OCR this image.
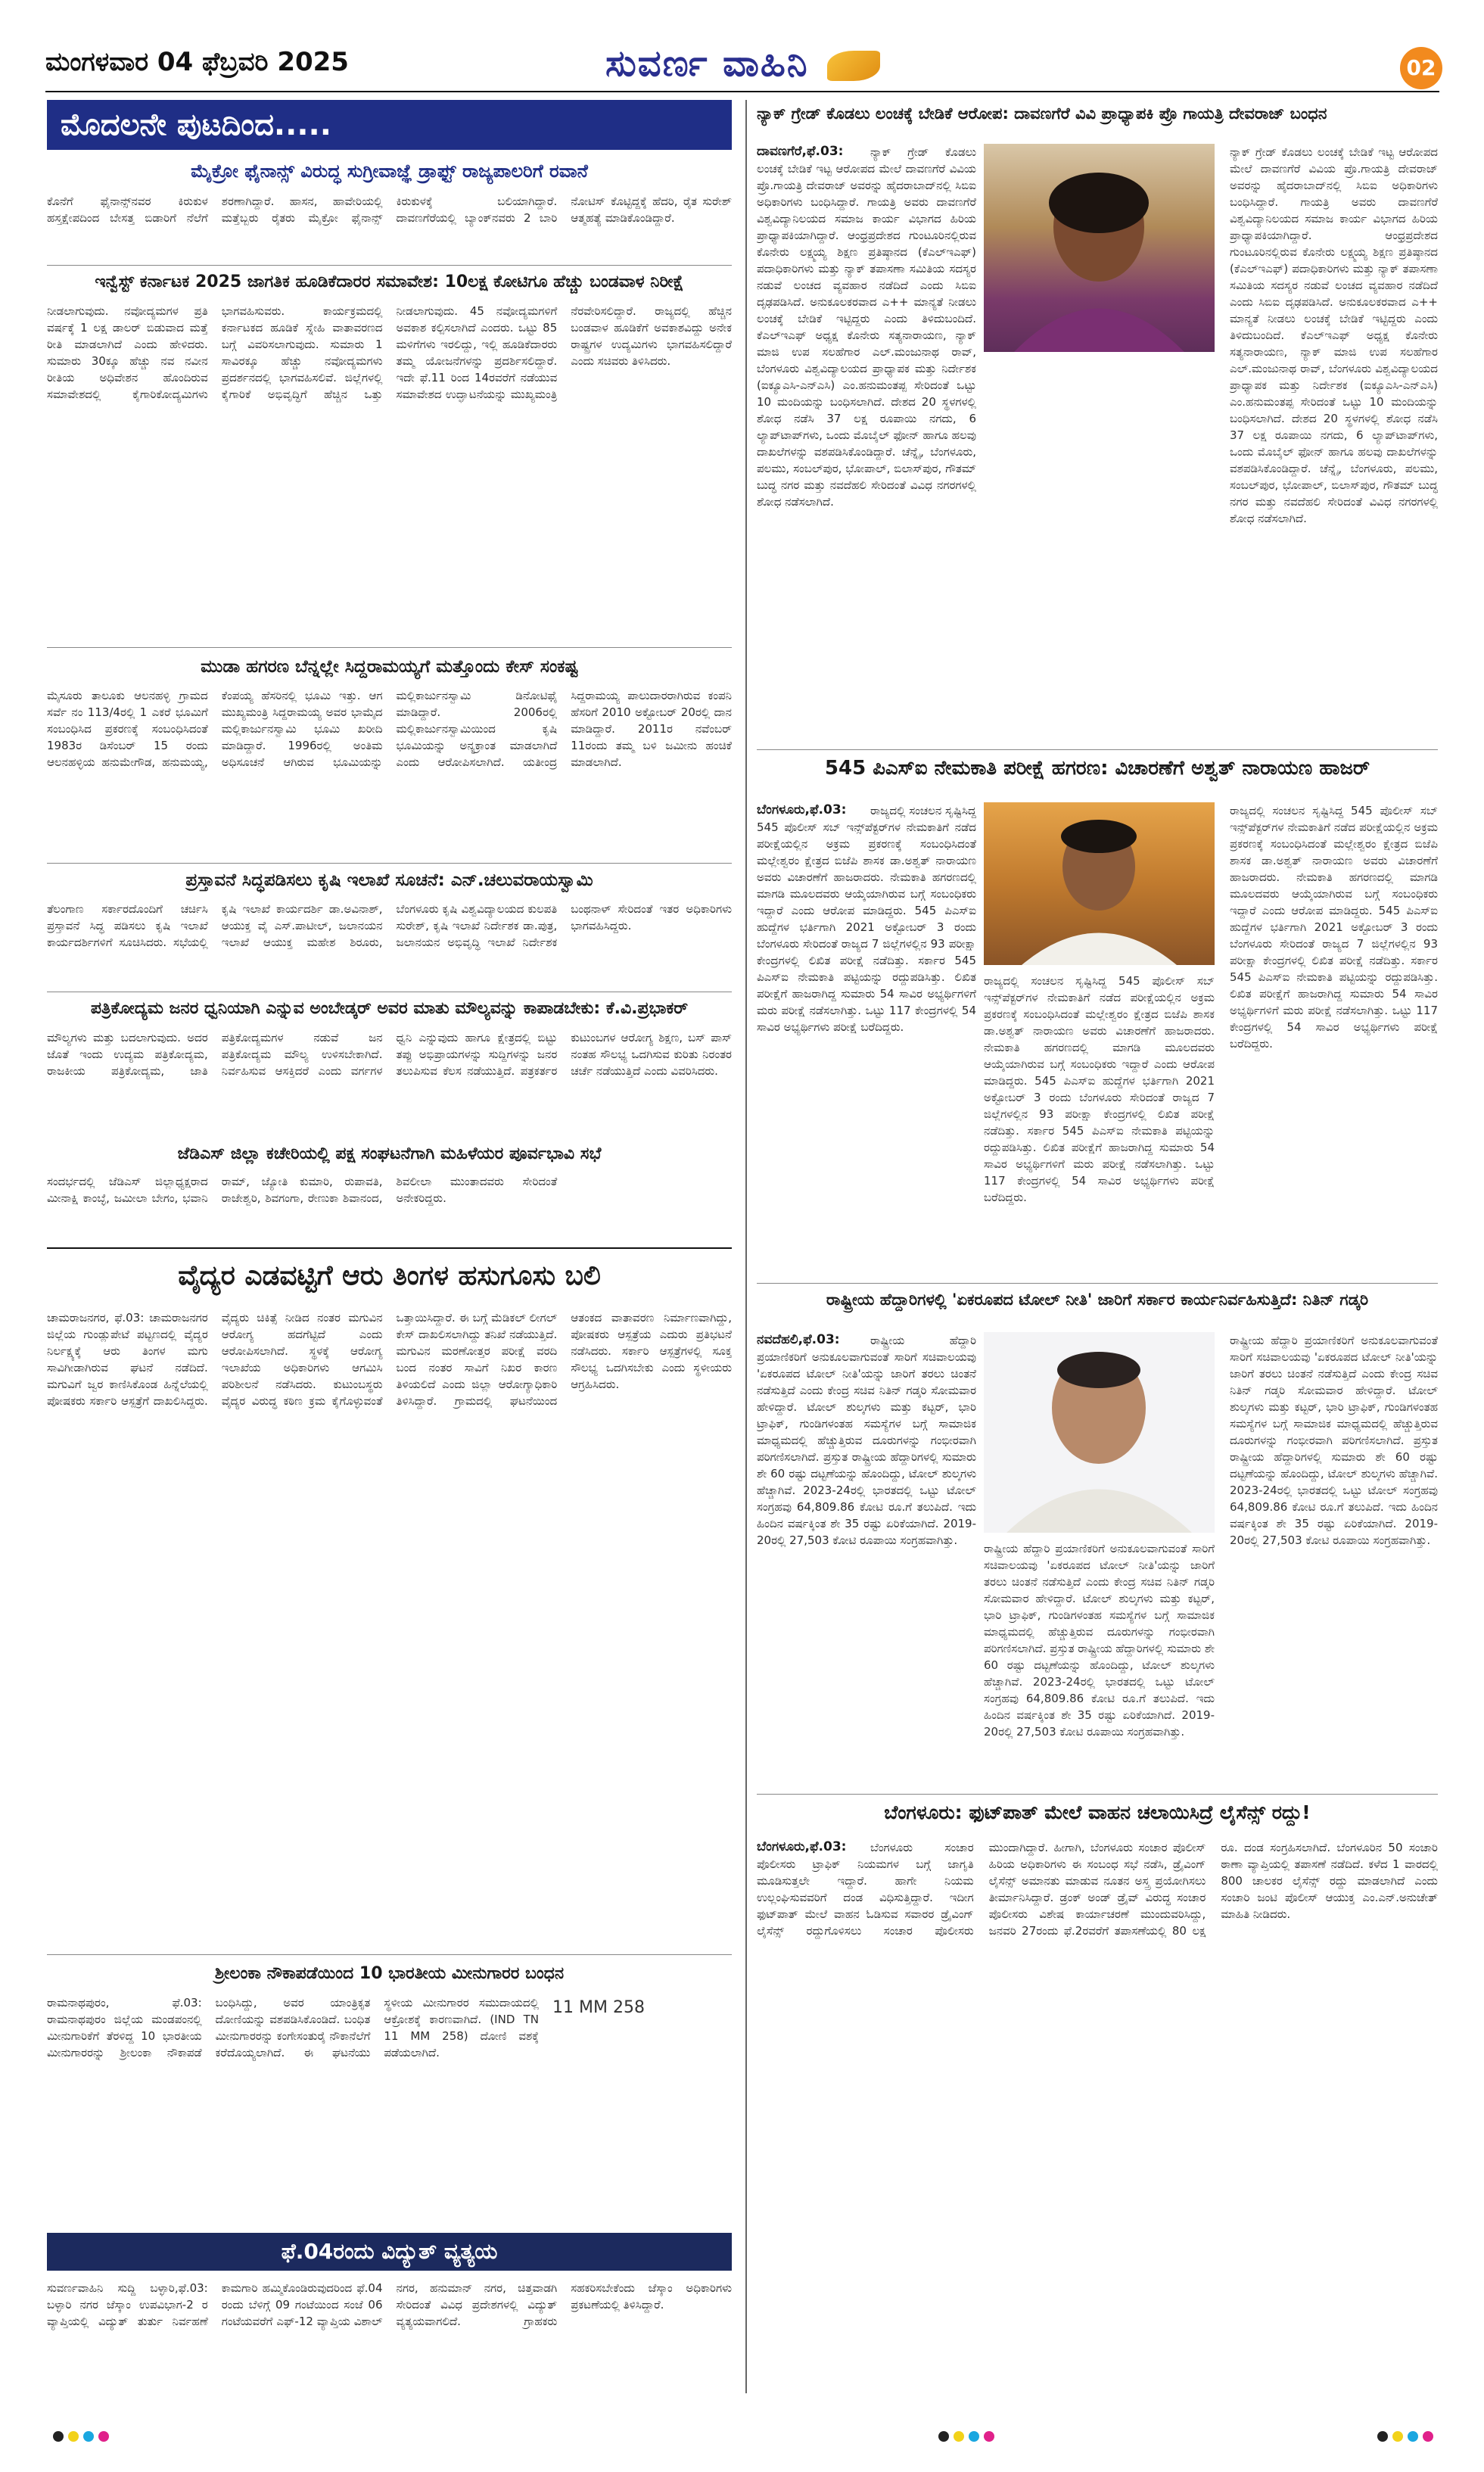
ಮಂಗಳವಾರ 04 ಫೆಬ್ರವರಿ 2025	ಸುವರ್ಣ ವಾಹಿನಿ	02
ಮೊದಲನೇ ಪುಟದಿಂದ.....
ಮೈಕ್ರೋ ಫೈನಾನ್ಸ್ ವಿರುದ್ಧ ಸುಗ್ರೀವಾಜ್ಞೆ ಡ್ರಾಫ್ಟ್ ರಾಜ್ಯಪಾಲರಿಗೆ ರವಾನೆ
ಕೊನೆಗೆ ಫೈನಾನ್ಸ್‌ನವರ ಕಿರುಕುಳ ಹಸ್ತಕ್ಷೇಪದಿಂದ ಬೇಸತ್ತ ಬಿಡಾರಿಗೆ ನೆಲೆಗೆ ಶರಣಾಗಿದ್ದಾರೆ. ಹಾಸನ, ಹಾವೇರಿಯಲ್ಲಿ ಮತ್ತೆಬ್ಬರು ರೈತರು ಮೈಕ್ರೋ ಫೈನಾನ್ಸ್ ಕಿರುಕುಳಕ್ಕೆ ಬಲಿಯಾಗಿದ್ದಾರೆ. ದಾವಣಗೆರೆಯಲ್ಲಿ ಬ್ಯಾಂಕ್‌ನವರು 2 ಬಾರಿ ನೋಟಿಸ್ ಕೊಟ್ಟಿದ್ದಕ್ಕೆ ಹೆದರಿ, ರೈತ ಸುರೇಶ್ ಆತ್ಮಹತ್ಯೆ ಮಾಡಿಕೊಂಡಿದ್ದಾರೆ.
ಇನ್ವೆಸ್ಟ್ ಕರ್ನಾಟಕ 2025 ಜಾಗತಿಕ ಹೂಡಿಕೆದಾರರ ಸಮಾವೇಶ: 10ಲಕ್ಷ ಕೋಟಿಗೂ ಹೆಚ್ಚು ಬಂಡವಾಳ ನಿರೀಕ್ಷೆ
ನೀಡಲಾಗುವುದು. ನವೋದ್ಯಮಗಳ ಪ್ರತಿ ವರ್ಷಕ್ಕೆ 1 ಲಕ್ಷ ಡಾಲರ್ ಬಿಡುವಾದ ಮತ್ತೆ ರೀತಿ ಮಾಡಲಾಗಿದೆ ಎಂದು ಹೇಳಿದರು. ಸುಮಾರು 30ಕ್ಕೂ ಹೆಚ್ಚು ನವ ನವೀನ ರೀತಿಯ ಅಧಿವೇಶನ ಹೊಂದಿರುವ ಸಮಾವೇಶದಲ್ಲಿ ಕೈಗಾರಿಕೋದ್ಯಮಿಗಳು ಭಾಗವಹಿಸುವರು. ಕಾರ್ಯಕ್ರಮದಲ್ಲಿ ಕರ್ನಾಟಕದ ಹೂಡಿಕೆ ಸ್ನೇಹಿ ವಾತಾವರಣದ ಬಗ್ಗೆ ವಿವರಿಸಲಾಗುವುದು. ಸುಮಾರು 1 ಸಾವಿರಕ್ಕೂ ಹೆಚ್ಚು ನವೋದ್ಯಮಗಳು ಪ್ರದರ್ಶನದಲ್ಲಿ ಭಾಗವಹಿಸಲಿವೆ. ಜಿಲ್ಲೆಗಳಲ್ಲಿ ಕೈಗಾರಿಕೆ ಅಭಿವೃದ್ಧಿಗೆ ಹೆಚ್ಚಿನ ಒತ್ತು ನೀಡಲಾಗುವುದು. 45 ನವೋದ್ಯಮಗಳಿಗೆ ಅವಕಾಶ ಕಲ್ಪಿಸಲಾಗಿದೆ ಎಂದರು. ಒಟ್ಟು 85 ಮಳಿಗೆಗಳು ಇರಲಿದ್ದು, ಇಲ್ಲಿ ಹೂಡಿಕೆದಾರರು ತಮ್ಮ ಯೋಜನೆಗಳನ್ನು ಪ್ರದರ್ಶಿಸಲಿದ್ದಾರೆ. ಇದೇ ಫೆ.11 ರಿಂದ 14ರವರೆಗೆ ನಡೆಯುವ ಸಮಾವೇಶದ ಉದ್ಘಾಟನೆಯನ್ನು ಮುಖ್ಯಮಂತ್ರಿ ನೆರವೇರಿಸಲಿದ್ದಾರೆ. ರಾಜ್ಯದಲ್ಲಿ ಹೆಚ್ಚಿನ ಬಂಡವಾಳ ಹೂಡಿಕೆಗೆ ಅವಕಾಶವಿದ್ದು ಅನೇಕ ರಾಷ್ಟ್ರಗಳ ಉದ್ಯಮಿಗಳು ಭಾಗವಹಿಸಲಿದ್ದಾರೆ ಎಂದು ಸಚಿವರು ತಿಳಿಸಿದರು.
ಮುಡಾ ಹಗರಣ ಬೆನ್ನಲ್ಲೇ ಸಿದ್ದರಾಮಯ್ಯಗೆ ಮತ್ತೊಂದು ಕೇಸ್ ಸಂಕಷ್ಟ
ಮೈಸೂರು ತಾಲೂಕು ಆಲನಹಳ್ಳಿ ಗ್ರಾಮದ ಸರ್ವೆ ನಂ 113/4ರಲ್ಲಿ 1 ಎಕರೆ ಭೂಮಿಗೆ ಸಂಬಂಧಿಸಿದ ಪ್ರಕರಣಕ್ಕೆ ಸಂಬಂಧಿಸಿದಂತೆ 1983ರ ಡಿಸೆಂಬರ್ 15 ರಂದು ಆಲನಹಳ್ಳಿಯ ಹನುಮೇಗೌಡ, ಹನುಮಯ್ಯ, ಕೆಂಪಯ್ಯ ಹೆಸರಿನಲ್ಲಿ ಭೂಮಿ ಇತ್ತು. ಆಗ ಮುಖ್ಯಮಂತ್ರಿ ಸಿದ್ದರಾಮಯ್ಯ ಅವರ ಭಾಮೈದ ಮಲ್ಲಿಕಾರ್ಜುನಸ್ವಾಮಿ ಭೂಮಿ ಖರೀದಿ ಮಾಡಿದ್ದಾರೆ. 1996ರಲ್ಲಿ ಅಂತಿಮ ಅಧಿಸೂಚನೆ ಆಗಿರುವ ಭೂಮಿಯನ್ನು ಮಲ್ಲಿಕಾರ್ಜುನಸ್ವಾಮಿ ಡಿನೋಟಿಫೈ ಮಾಡಿದ್ದಾರೆ. 2006ರಲ್ಲಿ ಮಲ್ಲಿಕಾರ್ಜುನಸ್ವಾಮಿಯಿಂದ ಕೃಷಿ ಭೂಮಿಯನ್ನು ಅನ್ಯಕ್ರಾಂತ ಮಾಡಲಾಗಿದೆ ಎಂದು ಆರೋಪಿಸಲಾಗಿದೆ. ಯತೀಂದ್ರ ಸಿದ್ದರಾಮಯ್ಯ ಪಾಲುದಾರರಾಗಿರುವ ಕಂಪನಿ ಹೆಸರಿಗೆ 2010 ಅಕ್ಟೋಬರ್ 20ರಲ್ಲಿ ದಾನ ಮಾಡಿದ್ದಾರೆ. 2011ರ ನವೆಂಬರ್ 11ರಂದು ತಮ್ಮ ಬಳಿ ಜಮೀನು ಹಂಚಿಕೆ ಮಾಡಲಾಗಿದೆ.
ಪ್ರಸ್ತಾವನೆ ಸಿದ್ಧಪಡಿಸಲು ಕೃಷಿ ಇಲಾಖೆ ಸೂಚನೆ: ಎನ್.ಚಲುವರಾಯಸ್ವಾಮಿ
ತೆಲಂಗಾಣ ಸರ್ಕಾರದೊಂದಿಗೆ ಚರ್ಚಿಸಿ ಪ್ರಸ್ತಾವನೆ ಸಿದ್ಧ ಪಡಿಸಲು ಕೃಷಿ ಇಲಾಖೆ ಕಾರ್ಯದರ್ಶಿಗಳಿಗೆ ಸೂಚಿಸಿದರು. ಸಭೆಯಲ್ಲಿ ಕೃಷಿ ಇಲಾಖೆ ಕಾರ್ಯದರ್ಶಿ ಡಾ.ಅವಿನಾಶ್, ಆಯುಕ್ತ ವೈ ಎಸ್.ಪಾಟೀಲ್, ಜಲಾನಯನ ಇಲಾಖೆ ಆಯುಕ್ತ ಮಹೇಶ ಶಿರೂರು, ಬೆಂಗಳೂರು ಕೃಷಿ ವಿಶ್ವವಿದ್ಯಾಲಯದ ಕುಲಪತಿ ಸುರೇಶ್, ಕೃಷಿ ಇಲಾಖೆ ನಿರ್ದೇಶಕ ಡಾ.ಪುತ್ರ, ಜಲಾನಯನ ಅಭಿವೃದ್ಧಿ ಇಲಾಖೆ ನಿರ್ದೇಶಕ ಬಂಥನಾಳ್ ಸೇರಿದಂತೆ ಇತರ ಅಧಿಕಾರಿಗಳು ಭಾಗವಹಿಸಿದ್ದರು.
ಪತ್ರಿಕೋದ್ಯಮ ಜನರ ಧ್ವನಿಯಾಗಿ ಎನ್ನುವ ಅಂಬೇಡ್ಕರ್ ಅವರ ಮಾತು ಮೌಲ್ಯವನ್ನು ಕಾಪಾಡಬೇಕು: ಕೆ.ವಿ.ಪ್ರಭಾಕರ್
ಮೌಲ್ಯಗಳು ಮತ್ತು ಬದಲಾಗುವುದು. ಅದರ ಜೊತೆ ಇಂದು ಉದ್ಯಮ ಪತ್ರಿಕೋದ್ಯಮ, ರಾಜಕೀಯ ಪತ್ರಿಕೋದ್ಯಮ, ಜಾತಿ ಪತ್ರಿಕೋದ್ಯಮಗಳ ನಡುವೆ ಜನ ಪತ್ರಿಕೋದ್ಯಮ ಮೌಲ್ಯ ಉಳಿಸಬೇಕಾಗಿದೆ. ನಿರ್ವಹಿಸುವ ಆಸಕ್ತಿದರೆ ಎಂದು ವರ್ಗಗಳ ಧ್ವನಿ ಎನ್ನುವುದು ಹಾಗೂ ಕ್ಷೇತ್ರದಲ್ಲಿ ಬಿಟ್ಟು ತಪ್ಪು ಅಭಿಪ್ರಾಯಗಳನ್ನು ಸುದ್ದಿಗಳನ್ನು ಜನರ ತಲುಪಿಸುವ ಕೆಲಸ ನಡೆಯುತ್ತಿದೆ. ಪತ್ರಕರ್ತರ ಕುಟುಂಬಗಳ ಆರೋಗ್ಯ ಶಿಕ್ಷಣ, ಬಸ್ ಪಾಸ್ ನಂತಹ ಸೌಲಭ್ಯ ಒದಗಿಸುವ ಕುರಿತು ನಿರಂತರ ಚರ್ಚೆ ನಡೆಯುತ್ತಿದೆ ಎಂದು ವಿವರಿಸಿದರು.
ಜೆಡಿಎಸ್ ಜಿಲ್ಲಾ ಕಚೇರಿಯಲ್ಲಿ ಪಕ್ಷ ಸಂಘಟನೆಗಾಗಿ ಮಹಿಳೆಯರ ಪೂರ್ವಭಾವಿ ಸಭೆ
ಸಂದರ್ಭದಲ್ಲಿ ಜೆಡಿಎಸ್ ಜಿಲ್ಲಾಧ್ಯಕ್ಷರಾದ ಮೀನಾಕ್ಷಿ ಕಾಂಬ್ಳೆ, ಜಮೀಲಾ ಬೇಗಂ, ಭವಾನಿ ರಾಮ್, ಜ್ಯೋತಿ ಕುಮಾರಿ, ರುಪಾವತಿ, ರಾಜೇಶ್ವರಿ, ಶಿವಗಂಗಾ, ರೇಣುಕಾ ಶಿವಾನಂದ, ಶಿವಲೀಲಾ ಮುಂತಾದವರು ಸೇರಿದಂತೆ ಅನೇಕರಿದ್ದರು.
ವೈದ್ಯರ ಎಡವಟ್ಟಿಗೆ ಆರು ತಿಂಗಳ ಹಸುಗೂಸು ಬಲಿ
ಚಾಮರಾಜನಗರ, ಫೆ.03: ಚಾಮರಾಜನಗರ ಜಿಲ್ಲೆಯ ಗುಂಡ್ಲುಪೇಟೆ ಪಟ್ಟಣದಲ್ಲಿ ವೈದ್ಯರ ನಿರ್ಲಕ್ಷ್ಯಕ್ಕೆ ಆರು ತಿಂಗಳ ಮಗು ಸಾವಿಗೀಡಾಗಿರುವ ಘಟನೆ ನಡೆದಿದೆ. ಮಗುವಿಗೆ ಜ್ವರ ಕಾಣಿಸಿಕೊಂಡ ಹಿನ್ನೆಲೆಯಲ್ಲಿ ಪೋಷಕರು ಸರ್ಕಾರಿ ಆಸ್ಪತ್ರೆಗೆ ದಾಖಲಿಸಿದ್ದರು. ವೈದ್ಯರು ಚಿಕಿತ್ಸೆ ನೀಡಿದ ನಂತರ ಮಗುವಿನ ಆರೋಗ್ಯ ಹದಗೆಟ್ಟಿದೆ ಎಂದು ಆರೋಪಿಸಲಾಗಿದೆ. ಸ್ಥಳಕ್ಕೆ ಆರೋಗ್ಯ ಇಲಾಖೆಯ ಅಧಿಕಾರಿಗಳು ಆಗಮಿಸಿ ಪರಿಶೀಲನೆ ನಡೆಸಿದರು. ಕುಟುಂಬಸ್ಥರು ವೈದ್ಯರ ವಿರುದ್ಧ ಕಠಿಣ ಕ್ರಮ ಕೈಗೊಳ್ಳುವಂತೆ ಒತ್ತಾಯಿಸಿದ್ದಾರೆ. ಈ ಬಗ್ಗೆ ಮೆಡಿಕಲ್ ಲೀಗಲ್ ಕೇಸ್ ದಾಖಲಿಸಲಾಗಿದ್ದು ತನಿಖೆ ನಡೆಯುತ್ತಿದೆ. ಮಗುವಿನ ಮರಣೋತ್ತರ ಪರೀಕ್ಷೆ ವರದಿ ಬಂದ ನಂತರ ಸಾವಿಗೆ ನಿಖರ ಕಾರಣ ತಿಳಿಯಲಿದೆ ಎಂದು ಜಿಲ್ಲಾ ಆರೋಗ್ಯಾಧಿಕಾರಿ ತಿಳಿಸಿದ್ದಾರೆ. ಗ್ರಾಮದಲ್ಲಿ ಘಟನೆಯಿಂದ ಆತಂಕದ ವಾತಾವರಣ ನಿರ್ಮಾಣವಾಗಿದ್ದು, ಪೋಷಕರು ಆಸ್ಪತ್ರೆಯ ಎದುರು ಪ್ರತಿಭಟನೆ ನಡೆಸಿದರು. ಸರ್ಕಾರಿ ಆಸ್ಪತ್ರೆಗಳಲ್ಲಿ ಸೂಕ್ತ ಸೌಲಭ್ಯ ಒದಗಿಸಬೇಕು ಎಂದು ಸ್ಥಳೀಯರು ಆಗ್ರಹಿಸಿದರು.
ಶ್ರೀಲಂಕಾ ನೌಕಾಪಡೆಯಿಂದ 10 ಭಾರತೀಯ ಮೀನುಗಾರರ ಬಂಧನ
ರಾಮನಾಥಪುರಂ, ಫೆ.03: ರಾಮನಾಥಪುರಂ ಜಿಲ್ಲೆಯ ಮಂಡಪಂನಲ್ಲಿ ಮೀನುಗಾರಿಕೆಗೆ ತೆರಳಿದ್ದ 10 ಭಾರತೀಯ ಮೀನುಗಾರರನ್ನು ಶ್ರೀಲಂಕಾ ನೌಕಾಪಡೆ ಬಂಧಿಸಿದ್ದು, ಅವರ ಯಾಂತ್ರಿಕೃತ ದೋಣಿಯನ್ನು ವಶಪಡಿಸಿಕೊಂಡಿದೆ. ಬಂಧಿತ ಮೀನುಗಾರರನ್ನು ಕಂಗೇಸಂತುರೈ ನೌಕಾನೆಲೆಗೆ ಕರೆದೊಯ್ಯಲಾಗಿದೆ. ಈ ಘಟನೆಯು ಸ್ಥಳೀಯ ಮೀನುಗಾರರ ಸಮುದಾಯದಲ್ಲಿ ಆಕ್ರೋಶಕ್ಕೆ ಕಾರಣವಾಗಿದೆ. (IND TN 11 MM 258) ದೋಣಿ ವಶಕ್ಕೆ ಪಡೆಯಲಾಗಿದೆ.
11 MM 258
ಫೆ.04ರಂದು ವಿದ್ಯುತ್ ವ್ಯತ್ಯಯ
ಸುವರ್ಣವಾಹಿನಿ ಸುದ್ದಿ ಬಳ್ಳಾರಿ,ಫೆ.03: ಬಳ್ಳಾರಿ ನಗರ ಜೆಸ್ಕಾಂ ಉಪವಿಭಾಗ-2 ರ ವ್ಯಾಪ್ತಿಯಲ್ಲಿ ವಿದ್ಯುತ್ ತುರ್ತು ನಿರ್ವಹಣೆ ಕಾಮಗಾರಿ ಹಮ್ಮಿಕೊಂಡಿರುವುದರಿಂದ ಫೆ.04 ರಂದು ಬೆಳಿಗ್ಗೆ 09 ಗಂಟೆಯಿಂದ ಸಂಜೆ 06 ಗಂಟೆಯವರೆಗೆ ಎಫ್-12 ವ್ಯಾಪ್ತಿಯ ವಿಶಾಲ್ ನಗರ, ಹನುಮಾನ್ ನಗರ, ಚಿತ್ತವಾಡಗಿ ಸೇರಿದಂತೆ ವಿವಿಧ ಪ್ರದೇಶಗಳಲ್ಲಿ ವಿದ್ಯುತ್ ವ್ಯತ್ಯಯವಾಗಲಿದೆ. ಗ್ರಾಹಕರು ಸಹಕರಿಸಬೇಕೆಂದು ಜೆಸ್ಕಾಂ ಅಧಿಕಾರಿಗಳು ಪ್ರಕಟಣೆಯಲ್ಲಿ ತಿಳಿಸಿದ್ದಾರೆ.
ನ್ಯಾಕ್ ಗ್ರೇಡ್ ಕೊಡಲು ಲಂಚಕ್ಕೆ ಬೇಡಿಕೆ ಆರೋಪ: ದಾವಣಗೆರೆ ವಿವಿ ಪ್ರಾಧ್ಯಾಪಕಿ ಪ್ರೊ ಗಾಯತ್ರಿ ದೇವರಾಜ್ ಬಂಧನ
ದಾವಣಗೆರೆ,ಫೆ.03:	ನ್ಯಾಕ್ ಗ್ರೇಡ್ ಕೊಡಲು ಲಂಚಕ್ಕೆ ಬೇಡಿಕೆ ಇಟ್ಟ ಆರೋಪದ ಮೇಲೆ ದಾವಣಗೆರೆ ವಿವಿಯ ಪ್ರೊ.ಗಾಯತ್ರಿ ದೇವರಾಜ್ ಅವರನ್ನು ಹೈದರಾಬಾದ್‌ನಲ್ಲಿ ಸಿಬಿಐ ಅಧಿಕಾರಿಗಳು ಬಂಧಿಸಿದ್ದಾರೆ. ಗಾಯತ್ರಿ ಅವರು ದಾವಣಗೆರೆ ವಿಶ್ವವಿದ್ಯಾನಿಲಯದ ಸಮಾಜ ಕಾರ್ಯ ವಿಭಾಗದ ಹಿರಿಯ ಪ್ರಾಧ್ಯಾಪಕಿಯಾಗಿದ್ದಾರೆ. ಆಂಧ್ರಪ್ರದೇಶದ ಗುಂಟೂರಿನಲ್ಲಿರುವ ಕೊನೇರು ಲಕ್ಷ್ಮಯ್ಯ ಶಿಕ್ಷಣ ಪ್ರತಿಷ್ಠಾನದ (ಕೆಎಲ್‌ಇಎಫ್) ಪದಾಧಿಕಾರಿಗಳು ಮತ್ತು ನ್ಯಾಕ್ ತಪಾಸಣಾ ಸಮಿತಿಯ ಸದಸ್ಯರ ನಡುವೆ ಲಂಚದ ವ್ಯವಹಾರ ನಡೆದಿದೆ ಎಂದು ಸಿಬಿಐ ದೃಢಪಡಿಸಿದೆ. ಅನುಕೂಲಕರವಾದ ಎ++ ಮಾನ್ಯತೆ ನೀಡಲು ಲಂಚಕ್ಕೆ ಬೇಡಿಕೆ ಇಟ್ಟಿದ್ದರು ಎಂದು ತಿಳಿದುಬಂದಿದೆ. ಕೆಎಲ್‌ಇಎಫ್ ಅಧ್ಯಕ್ಷ ಕೊನೇರು ಸತ್ಯನಾರಾಯಣ, ನ್ಯಾಕ್ ಮಾಜಿ ಉಪ ಸಲಹೆಗಾರ ಎಲ್.ಮಂಜುನಾಥ ರಾವ್, ಬೆಂಗಳೂರು ವಿಶ್ವವಿದ್ಯಾಲಯದ ಪ್ರಾಧ್ಯಾಪಕ ಮತ್ತು ನಿರ್ದೇಶಕ (ಐಕ್ಯೂಎಸಿ-ಎನ್‌ಎಸಿ) ಎಂ.ಹನುಮಂತಪ್ಪ ಸೇರಿದಂತೆ ಒಟ್ಟು 10 ಮಂದಿಯನ್ನು ಬಂಧಿಸಲಾಗಿದೆ. ದೇಶದ 20 ಸ್ಥಳಗಳಲ್ಲಿ ಶೋಧ ನಡೆಸಿ 37 ಲಕ್ಷ ರೂಪಾಯಿ ನಗದು, 6 ಲ್ಯಾಪ್‌ಟಾಪ್‌ಗಳು, ಒಂದು ಮೊಬೈಲ್ ಫೋನ್ ಹಾಗೂ ಹಲವು ದಾಖಲೆಗಳನ್ನು ವಶಪಡಿಸಿಕೊಂಡಿದ್ದಾರೆ. ಚೆನ್ನೈ, ಬೆಂಗಳೂರು, ಪಲಮು, ಸಂಬಲ್‌ಪುರ, ಭೋಪಾಲ್, ಬಿಲಾಸ್‌ಪುರ, ಗೌತಮ್ ಬುದ್ಧ ನಗರ ಮತ್ತು ನವದೆಹಲಿ ಸೇರಿದಂತೆ ವಿವಿಧ ನಗರಗಳಲ್ಲಿ ಶೋಧ ನಡೆಸಲಾಗಿದೆ.
ನ್ಯಾಕ್ ಗ್ರೇಡ್ ಕೊಡಲು ಲಂಚಕ್ಕೆ ಬೇಡಿಕೆ ಇಟ್ಟ ಆರೋಪದ ಮೇಲೆ ದಾವಣಗೆರೆ ವಿವಿಯ ಪ್ರೊ.ಗಾಯತ್ರಿ ದೇವರಾಜ್ ಅವರನ್ನು ಹೈದರಾಬಾದ್‌ನಲ್ಲಿ ಸಿಬಿಐ ಅಧಿಕಾರಿಗಳು ಬಂಧಿಸಿದ್ದಾರೆ. ಗಾಯತ್ರಿ ಅವರು ದಾವಣಗೆರೆ ವಿಶ್ವವಿದ್ಯಾನಿಲಯದ ಸಮಾಜ ಕಾರ್ಯ ವಿಭಾಗದ ಹಿರಿಯ ಪ್ರಾಧ್ಯಾಪಕಿಯಾಗಿದ್ದಾರೆ. ಆಂಧ್ರಪ್ರದೇಶದ ಗುಂಟೂರಿನಲ್ಲಿರುವ ಕೊನೇರು ಲಕ್ಷ್ಮಯ್ಯ ಶಿಕ್ಷಣ ಪ್ರತಿಷ್ಠಾನದ (ಕೆಎಲ್‌ಇಎಫ್) ಪದಾಧಿಕಾರಿಗಳು ಮತ್ತು ನ್ಯಾಕ್ ತಪಾಸಣಾ ಸಮಿತಿಯ ಸದಸ್ಯರ ನಡುವೆ ಲಂಚದ ವ್ಯವಹಾರ ನಡೆದಿದೆ ಎಂದು ಸಿಬಿಐ ದೃಢಪಡಿಸಿದೆ. ಅನುಕೂಲಕರವಾದ ಎ++ ಮಾನ್ಯತೆ ನೀಡಲು ಲಂಚಕ್ಕೆ ಬೇಡಿಕೆ ಇಟ್ಟಿದ್ದರು ಎಂದು ತಿಳಿದುಬಂದಿದೆ. ಕೆಎಲ್‌ಇಎಫ್ ಅಧ್ಯಕ್ಷ ಕೊನೇರು ಸತ್ಯನಾರಾಯಣ, ನ್ಯಾಕ್ ಮಾಜಿ ಉಪ ಸಲಹೆಗಾರ ಎಲ್.ಮಂಜುನಾಥ ರಾವ್, ಬೆಂಗಳೂರು ವಿಶ್ವವಿದ್ಯಾಲಯದ ಪ್ರಾಧ್ಯಾಪಕ ಮತ್ತು ನಿರ್ದೇಶಕ (ಐಕ್ಯೂಎಸಿ-ಎನ್‌ಎಸಿ) ಎಂ.ಹನುಮಂತಪ್ಪ ಸೇರಿದಂತೆ ಒಟ್ಟು 10 ಮಂದಿಯನ್ನು ಬಂಧಿಸಲಾಗಿದೆ. ದೇಶದ 20 ಸ್ಥಳಗಳಲ್ಲಿ ಶೋಧ ನಡೆಸಿ 37 ಲಕ್ಷ ರೂಪಾಯಿ ನಗದು, 6 ಲ್ಯಾಪ್‌ಟಾಪ್‌ಗಳು, ಒಂದು ಮೊಬೈಲ್ ಫೋನ್ ಹಾಗೂ ಹಲವು ದಾಖಲೆಗಳನ್ನು ವಶಪಡಿಸಿಕೊಂಡಿದ್ದಾರೆ. ಚೆನ್ನೈ, ಬೆಂಗಳೂರು, ಪಲಮು, ಸಂಬಲ್‌ಪುರ, ಭೋಪಾಲ್, ಬಿಲಾಸ್‌ಪುರ, ಗೌತಮ್ ಬುದ್ಧ ನಗರ ಮತ್ತು ನವದೆಹಲಿ ಸೇರಿದಂತೆ ವಿವಿಧ ನಗರಗಳಲ್ಲಿ ಶೋಧ ನಡೆಸಲಾಗಿದೆ.
545 ಪಿಎಸ್‌ಐ ನೇಮಕಾತಿ ಪರೀಕ್ಷೆ ಹಗರಣ: ವಿಚಾರಣೆಗೆ ಅಶ್ವತ್ ನಾರಾಯಣ ಹಾಜರ್
ಬೆಂಗಳೂರು,ಫೆ.03:	ರಾಜ್ಯದಲ್ಲಿ ಸಂಚಲನ ಸೃಷ್ಟಿಸಿದ್ದ 545 ಪೊಲೀಸ್ ಸಬ್ ಇನ್ಸ್‌ಪೆಕ್ಟರ್‌ಗಳ ನೇಮಕಾತಿಗೆ ನಡೆದ ಪರೀಕ್ಷೆಯಲ್ಲಿನ ಅಕ್ರಮ ಪ್ರಕರಣಕ್ಕೆ ಸಂಬಂಧಿಸಿದಂತೆ ಮಲ್ಲೇಶ್ವರಂ ಕ್ಷೇತ್ರದ ಬಿಜೆಪಿ ಶಾಸಕ ಡಾ.ಅಶ್ವತ್ ನಾರಾಯಣ ಅವರು ವಿಚಾರಣೆಗೆ ಹಾಜರಾದರು. ನೇಮಕಾತಿ ಹಗರಣದಲ್ಲಿ ಮಾಗಡಿ ಮೂಲದವರು ಆಯ್ಕೆಯಾಗಿರುವ ಬಗ್ಗೆ ಸಂಬಂಧಿಕರು ಇದ್ದಾರೆ ಎಂದು ಆರೋಪ ಮಾಡಿದ್ದರು. 545 ಪಿಎಸ್‌ಐ ಹುದ್ದೆಗಳ ಭರ್ತಿಗಾಗಿ 2021 ಅಕ್ಟೋಬರ್ 3 ರಂದು ಬೆಂಗಳೂರು ಸೇರಿದಂತೆ ರಾಜ್ಯದ 7 ಜಿಲ್ಲೆಗಳಲ್ಲಿನ 93 ಪರೀಕ್ಷಾ ಕೇಂದ್ರಗಳಲ್ಲಿ ಲಿಖಿತ ಪರೀಕ್ಷೆ ನಡೆದಿತ್ತು. ಸರ್ಕಾರ 545 ಪಿಎಸ್‌ಐ ನೇಮಕಾತಿ ಪಟ್ಟಿಯನ್ನು ರದ್ದುಪಡಿಸಿತ್ತು. ಲಿಖಿತ ಪರೀಕ್ಷೆಗೆ ಹಾಜರಾಗಿದ್ದ ಸುಮಾರು 54 ಸಾವಿರ ಅಭ್ಯರ್ಥಿಗಳಿಗೆ ಮರು ಪರೀಕ್ಷೆ ನಡೆಸಲಾಗಿತ್ತು. ಒಟ್ಟು 117 ಕೇಂದ್ರಗಳಲ್ಲಿ 54 ಸಾವಿರ ಅಭ್ಯರ್ಥಿಗಳು ಪರೀಕ್ಷೆ ಬರೆದಿದ್ದರು.
ರಾಜ್ಯದಲ್ಲಿ ಸಂಚಲನ ಸೃಷ್ಟಿಸಿದ್ದ 545 ಪೊಲೀಸ್ ಸಬ್ ಇನ್ಸ್‌ಪೆಕ್ಟರ್‌ಗಳ ನೇಮಕಾತಿಗೆ ನಡೆದ ಪರೀಕ್ಷೆಯಲ್ಲಿನ ಅಕ್ರಮ ಪ್ರಕರಣಕ್ಕೆ ಸಂಬಂಧಿಸಿದಂತೆ ಮಲ್ಲೇಶ್ವರಂ ಕ್ಷೇತ್ರದ ಬಿಜೆಪಿ ಶಾಸಕ ಡಾ.ಅಶ್ವತ್ ನಾರಾಯಣ ಅವರು ವಿಚಾರಣೆಗೆ ಹಾಜರಾದರು. ನೇಮಕಾತಿ ಹಗರಣದಲ್ಲಿ ಮಾಗಡಿ ಮೂಲದವರು ಆಯ್ಕೆಯಾಗಿರುವ ಬಗ್ಗೆ ಸಂಬಂಧಿಕರು ಇದ್ದಾರೆ ಎಂದು ಆರೋಪ ಮಾಡಿದ್ದರು. 545 ಪಿಎಸ್‌ಐ ಹುದ್ದೆಗಳ ಭರ್ತಿಗಾಗಿ 2021 ಅಕ್ಟೋಬರ್ 3 ರಂದು ಬೆಂಗಳೂರು ಸೇರಿದಂತೆ ರಾಜ್ಯದ 7 ಜಿಲ್ಲೆಗಳಲ್ಲಿನ 93 ಪರೀಕ್ಷಾ ಕೇಂದ್ರಗಳಲ್ಲಿ ಲಿಖಿತ ಪರೀಕ್ಷೆ ನಡೆದಿತ್ತು. ಸರ್ಕಾರ 545 ಪಿಎಸ್‌ಐ ನೇಮಕಾತಿ ಪಟ್ಟಿಯನ್ನು ರದ್ದುಪಡಿಸಿತ್ತು. ಲಿಖಿತ ಪರೀಕ್ಷೆಗೆ ಹಾಜರಾಗಿದ್ದ ಸುಮಾರು 54 ಸಾವಿರ ಅಭ್ಯರ್ಥಿಗಳಿಗೆ ಮರು ಪರೀಕ್ಷೆ ನಡೆಸಲಾಗಿತ್ತು. ಒಟ್ಟು 117 ಕೇಂದ್ರಗಳಲ್ಲಿ 54 ಸಾವಿರ ಅಭ್ಯರ್ಥಿಗಳು ಪರೀಕ್ಷೆ ಬರೆದಿದ್ದರು.
ರಾಜ್ಯದಲ್ಲಿ ಸಂಚಲನ ಸೃಷ್ಟಿಸಿದ್ದ 545 ಪೊಲೀಸ್ ಸಬ್ ಇನ್ಸ್‌ಪೆಕ್ಟರ್‌ಗಳ ನೇಮಕಾತಿಗೆ ನಡೆದ ಪರೀಕ್ಷೆಯಲ್ಲಿನ ಅಕ್ರಮ ಪ್ರಕರಣಕ್ಕೆ ಸಂಬಂಧಿಸಿದಂತೆ ಮಲ್ಲೇಶ್ವರಂ ಕ್ಷೇತ್ರದ ಬಿಜೆಪಿ ಶಾಸಕ ಡಾ.ಅಶ್ವತ್ ನಾರಾಯಣ ಅವರು ವಿಚಾರಣೆಗೆ ಹಾಜರಾದರು. ನೇಮಕಾತಿ ಹಗರಣದಲ್ಲಿ ಮಾಗಡಿ ಮೂಲದವರು ಆಯ್ಕೆಯಾಗಿರುವ ಬಗ್ಗೆ ಸಂಬಂಧಿಕರು ಇದ್ದಾರೆ ಎಂದು ಆರೋಪ ಮಾಡಿದ್ದರು. 545 ಪಿಎಸ್‌ಐ ಹುದ್ದೆಗಳ ಭರ್ತಿಗಾಗಿ 2021 ಅಕ್ಟೋಬರ್ 3 ರಂದು ಬೆಂಗಳೂರು ಸೇರಿದಂತೆ ರಾಜ್ಯದ 7 ಜಿಲ್ಲೆಗಳಲ್ಲಿನ 93 ಪರೀಕ್ಷಾ ಕೇಂದ್ರಗಳಲ್ಲಿ ಲಿಖಿತ ಪರೀಕ್ಷೆ ನಡೆದಿತ್ತು. ಸರ್ಕಾರ 545 ಪಿಎಸ್‌ಐ ನೇಮಕಾತಿ ಪಟ್ಟಿಯನ್ನು ರದ್ದುಪಡಿಸಿತ್ತು. ಲಿಖಿತ ಪರೀಕ್ಷೆಗೆ ಹಾಜರಾಗಿದ್ದ ಸುಮಾರು 54 ಸಾವಿರ ಅಭ್ಯರ್ಥಿಗಳಿಗೆ ಮರು ಪರೀಕ್ಷೆ ನಡೆಸಲಾಗಿತ್ತು. ಒಟ್ಟು 117 ಕೇಂದ್ರಗಳಲ್ಲಿ 54 ಸಾವಿರ ಅಭ್ಯರ್ಥಿಗಳು ಪರೀಕ್ಷೆ ಬರೆದಿದ್ದರು.
ರಾಷ್ಟ್ರೀಯ ಹೆದ್ದಾರಿಗಳಲ್ಲಿ 'ಏಕರೂಪದ ಟೋಲ್ ನೀತಿ' ಜಾರಿಗೆ ಸರ್ಕಾರ ಕಾರ್ಯನಿರ್ವಹಿಸುತ್ತಿದೆ: ನಿತಿನ್ ಗಡ್ಕರಿ
ನವದೆಹಲಿ,ಫೆ.03:	ರಾಷ್ಟ್ರೀಯ ಹೆದ್ದಾರಿ ಪ್ರಯಾಣಿಕರಿಗೆ ಅನುಕೂಲವಾಗುವಂತೆ ಸಾರಿಗೆ ಸಚಿವಾಲಯವು 'ಏಕರೂಪದ ಟೋಲ್ ನೀತಿ'ಯನ್ನು ಜಾರಿಗೆ ತರಲು ಚಿಂತನೆ ನಡೆಸುತ್ತಿದೆ ಎಂದು ಕೇಂದ್ರ ಸಚಿವ ನಿತಿನ್ ಗಡ್ಕರಿ ಸೋಮವಾರ ಹೇಳಿದ್ದಾರೆ. ಟೋಲ್ ಶುಲ್ಕಗಳು ಮತ್ತು ಕಟ್ಟರ್, ಭಾರಿ ಟ್ರಾಫಿಕ್, ಗುಂಡಿಗಳಂತಹ ಸಮಸ್ಯೆಗಳ ಬಗ್ಗೆ ಸಾಮಾಜಿಕ ಮಾಧ್ಯಮದಲ್ಲಿ ಹೆಚ್ಚುತ್ತಿರುವ ದೂರುಗಳನ್ನು ಗಂಭೀರವಾಗಿ ಪರಿಗಣಿಸಲಾಗಿದೆ. ಪ್ರಸ್ತುತ ರಾಷ್ಟ್ರೀಯ ಹೆದ್ದಾರಿಗಳಲ್ಲಿ ಸುಮಾರು ಶೇ 60 ರಷ್ಟು ದಟ್ಟಣೆಯನ್ನು ಹೊಂದಿದ್ದು, ಟೋಲ್ ಶುಲ್ಕಗಳು ಹೆಚ್ಚಾಗಿವೆ. 2023-24ರಲ್ಲಿ ಭಾರತದಲ್ಲಿ ಒಟ್ಟು ಟೋಲ್ ಸಂಗ್ರಹವು 64,809.86 ಕೋಟಿ ರೂ.ಗೆ ತಲುಪಿದೆ. ಇದು ಹಿಂದಿನ ವರ್ಷಕ್ಕಿಂತ ಶೇ 35 ರಷ್ಟು ಏರಿಕೆಯಾಗಿದೆ. 2019-20ರಲ್ಲಿ 27,503 ಕೋಟಿ ರೂಪಾಯಿ ಸಂಗ್ರಹವಾಗಿತ್ತು.
ರಾಷ್ಟ್ರೀಯ ಹೆದ್ದಾರಿ ಪ್ರಯಾಣಿಕರಿಗೆ ಅನುಕೂಲವಾಗುವಂತೆ ಸಾರಿಗೆ ಸಚಿವಾಲಯವು 'ಏಕರೂಪದ ಟೋಲ್ ನೀತಿ'ಯನ್ನು ಜಾರಿಗೆ ತರಲು ಚಿಂತನೆ ನಡೆಸುತ್ತಿದೆ ಎಂದು ಕೇಂದ್ರ ಸಚಿವ ನಿತಿನ್ ಗಡ್ಕರಿ ಸೋಮವಾರ ಹೇಳಿದ್ದಾರೆ. ಟೋಲ್ ಶುಲ್ಕಗಳು ಮತ್ತು ಕಟ್ಟರ್, ಭಾರಿ ಟ್ರಾಫಿಕ್, ಗುಂಡಿಗಳಂತಹ ಸಮಸ್ಯೆಗಳ ಬಗ್ಗೆ ಸಾಮಾಜಿಕ ಮಾಧ್ಯಮದಲ್ಲಿ ಹೆಚ್ಚುತ್ತಿರುವ ದೂರುಗಳನ್ನು ಗಂಭೀರವಾಗಿ ಪರಿಗಣಿಸಲಾಗಿದೆ. ಪ್ರಸ್ತುತ ರಾಷ್ಟ್ರೀಯ ಹೆದ್ದಾರಿಗಳಲ್ಲಿ ಸುಮಾರು ಶೇ 60 ರಷ್ಟು ದಟ್ಟಣೆಯನ್ನು ಹೊಂದಿದ್ದು, ಟೋಲ್ ಶುಲ್ಕಗಳು ಹೆಚ್ಚಾಗಿವೆ. 2023-24ರಲ್ಲಿ ಭಾರತದಲ್ಲಿ ಒಟ್ಟು ಟೋಲ್ ಸಂಗ್ರಹವು 64,809.86 ಕೋಟಿ ರೂ.ಗೆ ತಲುಪಿದೆ. ಇದು ಹಿಂದಿನ ವರ್ಷಕ್ಕಿಂತ ಶೇ 35 ರಷ್ಟು ಏರಿಕೆಯಾಗಿದೆ. 2019-20ರಲ್ಲಿ 27,503 ಕೋಟಿ ರೂಪಾಯಿ ಸಂಗ್ರಹವಾಗಿತ್ತು.
ರಾಷ್ಟ್ರೀಯ ಹೆದ್ದಾರಿ ಪ್ರಯಾಣಿಕರಿಗೆ ಅನುಕೂಲವಾಗುವಂತೆ ಸಾರಿಗೆ ಸಚಿವಾಲಯವು 'ಏಕರೂಪದ ಟೋಲ್ ನೀತಿ'ಯನ್ನು ಜಾರಿಗೆ ತರಲು ಚಿಂತನೆ ನಡೆಸುತ್ತಿದೆ ಎಂದು ಕೇಂದ್ರ ಸಚಿವ ನಿತಿನ್ ಗಡ್ಕರಿ ಸೋಮವಾರ ಹೇಳಿದ್ದಾರೆ. ಟೋಲ್ ಶುಲ್ಕಗಳು ಮತ್ತು ಕಟ್ಟರ್, ಭಾರಿ ಟ್ರಾಫಿಕ್, ಗುಂಡಿಗಳಂತಹ ಸಮಸ್ಯೆಗಳ ಬಗ್ಗೆ ಸಾಮಾಜಿಕ ಮಾಧ್ಯಮದಲ್ಲಿ ಹೆಚ್ಚುತ್ತಿರುವ ದೂರುಗಳನ್ನು ಗಂಭೀರವಾಗಿ ಪರಿಗಣಿಸಲಾಗಿದೆ. ಪ್ರಸ್ತುತ ರಾಷ್ಟ್ರೀಯ ಹೆದ್ದಾರಿಗಳಲ್ಲಿ ಸುಮಾರು ಶೇ 60 ರಷ್ಟು ದಟ್ಟಣೆಯನ್ನು ಹೊಂದಿದ್ದು, ಟೋಲ್ ಶುಲ್ಕಗಳು ಹೆಚ್ಚಾಗಿವೆ. 2023-24ರಲ್ಲಿ ಭಾರತದಲ್ಲಿ ಒಟ್ಟು ಟೋಲ್ ಸಂಗ್ರಹವು 64,809.86 ಕೋಟಿ ರೂ.ಗೆ ತಲುಪಿದೆ. ಇದು ಹಿಂದಿನ ವರ್ಷಕ್ಕಿಂತ ಶೇ 35 ರಷ್ಟು ಏರಿಕೆಯಾಗಿದೆ. 2019-20ರಲ್ಲಿ 27,503 ಕೋಟಿ ರೂಪಾಯಿ ಸಂಗ್ರಹವಾಗಿತ್ತು.
ಬೆಂಗಳೂರು: ಫುಟ್‌ಪಾತ್ ಮೇಲೆ ವಾಹನ ಚಲಾಯಿಸಿದ್ರೆ ಲೈಸೆನ್ಸ್ ರದ್ದು!
ಬೆಂಗಳೂರು,ಫೆ.03:	ಬೆಂಗಳೂರು ಸಂಚಾರ ಪೊಲೀಸರು ಟ್ರಾಫಿಕ್ ನಿಯಮಗಳ ಬಗ್ಗೆ ಜಾಗೃತಿ ಮೂಡಿಸುತ್ತಲೇ ಇದ್ದಾರೆ. ಹಾಗೇ ನಿಯಮ ಉಲ್ಲಂಘಿಸುವವರಿಗೆ ದಂಡ ವಿಧಿಸುತ್ತಿದ್ದಾರೆ. ಇದೀಗ ಫುಟ್‌ಪಾತ್ ಮೇಲೆ ವಾಹನ ಓಡಿಸುವ ಸವಾರರ ಡ್ರೈವಿಂಗ್ ಲೈಸೆನ್ಸ್ ರದ್ದುಗೊಳಿಸಲು ಸಂಚಾರ ಪೊಲೀಸರು ಮುಂದಾಗಿದ್ದಾರೆ. ಹೀಗಾಗಿ, ಬೆಂಗಳೂರು ಸಂಚಾರ ಪೊಲೀಸ್ ಹಿರಿಯ ಅಧಿಕಾರಿಗಳು ಈ ಸಂಬಂಧ ಸಭೆ ನಡೆಸಿ, ಡ್ರೈವಿಂಗ್ ಲೈಸೆನ್ಸ್ ಅಮಾನತು ಮಾಡುವ ನೂತನ ಅಸ್ತ್ರ ಪ್ರಯೋಗಿಸಲು ತೀರ್ಮಾನಿಸಿದ್ದಾರೆ. ಡ್ರಂಕ್ ಅಂಡ್ ಡ್ರೈವ್ ವಿರುದ್ಧ ಸಂಚಾರ ಪೊಲೀಸರು ವಿಶೇಷ ಕಾರ್ಯಾಚರಣೆ ಮುಂದುವರಿಸಿದ್ದು, ಜನವರಿ 27ರಂದು ಫೆ.2ರವರೆಗೆ ತಪಾಸಣೆಯಲ್ಲಿ 80 ಲಕ್ಷ ರೂ. ದಂಡ ಸಂಗ್ರಹಿಸಲಾಗಿದೆ. ಬೆಂಗಳೂರಿನ 50 ಸಂಚಾರಿ ಠಾಣಾ ವ್ಯಾಪ್ತಿಯಲ್ಲಿ ತಪಾಸಣೆ ನಡೆದಿದೆ. ಕಳೆದ 1 ವಾರದಲ್ಲಿ 800 ಚಾಲಕರ ಲೈಸೆನ್ಸ್ ರದ್ದು ಮಾಡಲಾಗಿದೆ ಎಂದು ಸಂಚಾರಿ ಜಂಟಿ ಪೊಲೀಸ್ ಆಯುಕ್ತ ಎಂ.ಎನ್.ಅನುಚೇತ್ ಮಾಹಿತಿ ನೀಡಿದರು.
